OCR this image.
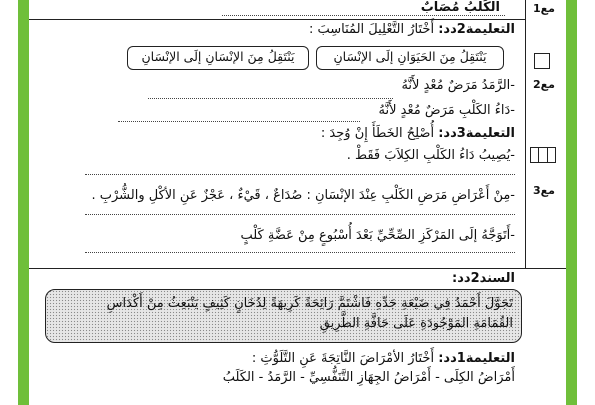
مع1
مع2
مع3
الكَلْبُ مُصَابٌ
التعليمة2دد: أَخْتَارُ التَّعْلِيلَ المُنَاسِبَ :
يَنْتَقِلُ مِنَ الحَيَوَانِ إلَى الإنْسَانِ
يَنْتَقِلُ مِنَ الإنْسَانِ إلَى الإنْسَانِ
-الرَّمَدُ مَرَضٌ مُعْدٍ لأَنَّهُ
-دَاءُ الكَلْبِ مَرَضٌ مُعْدٍ لأَنَّهُ
التعليمة3دد: أُصْلِحُ الخَطَأَ إِنْ وُجِدَ :
-يُصِيبُ دَاءُ الكَلْبِ الكِلاَبَ فَقَطْ .
-مِنْ أَعْرَاضِ مَرَضِ الكَلْبِ عِنْدَ الإنْسَانِ : صُدَاعٌ ، قَيْءٌ ، عَجْزٌ عَنِ الأكْلِ والشُّرْبِ .
-أَتَوَجَّهُ إلَى المَرْكَزِ الصِّحِّيِّ بَعْدَ أُسْبُوعٍ مِنْ عَضَّةِ كَلْبٍ
السند2دد:
تَجَوَّلَ أَحْمَدُ فِي ضَيْعَةِ جَدِّهِ فَاشْتَمَّ رَائِحَةً كَرِيهَةً لِدُخَانٍ كَثِيفٍ يَنْبَعِثُ مِنْ أَكْدَاسِ
القُمَامَةِ المَوْجُودَةِ عَلَى حَافَّةِ الطَّرِيقِ
التعليمة1دد: أَخْتَارُ الأمْرَاضَ النَّاتِجَةَ عَنِ التَّلَوُّثِ :
أَمْرَاضُ الكِلَى - أَمْرَاضُ الجِهَازِ التَّنَفُّسِيِّ - الرَّمَدُ - الكَلَبُ
